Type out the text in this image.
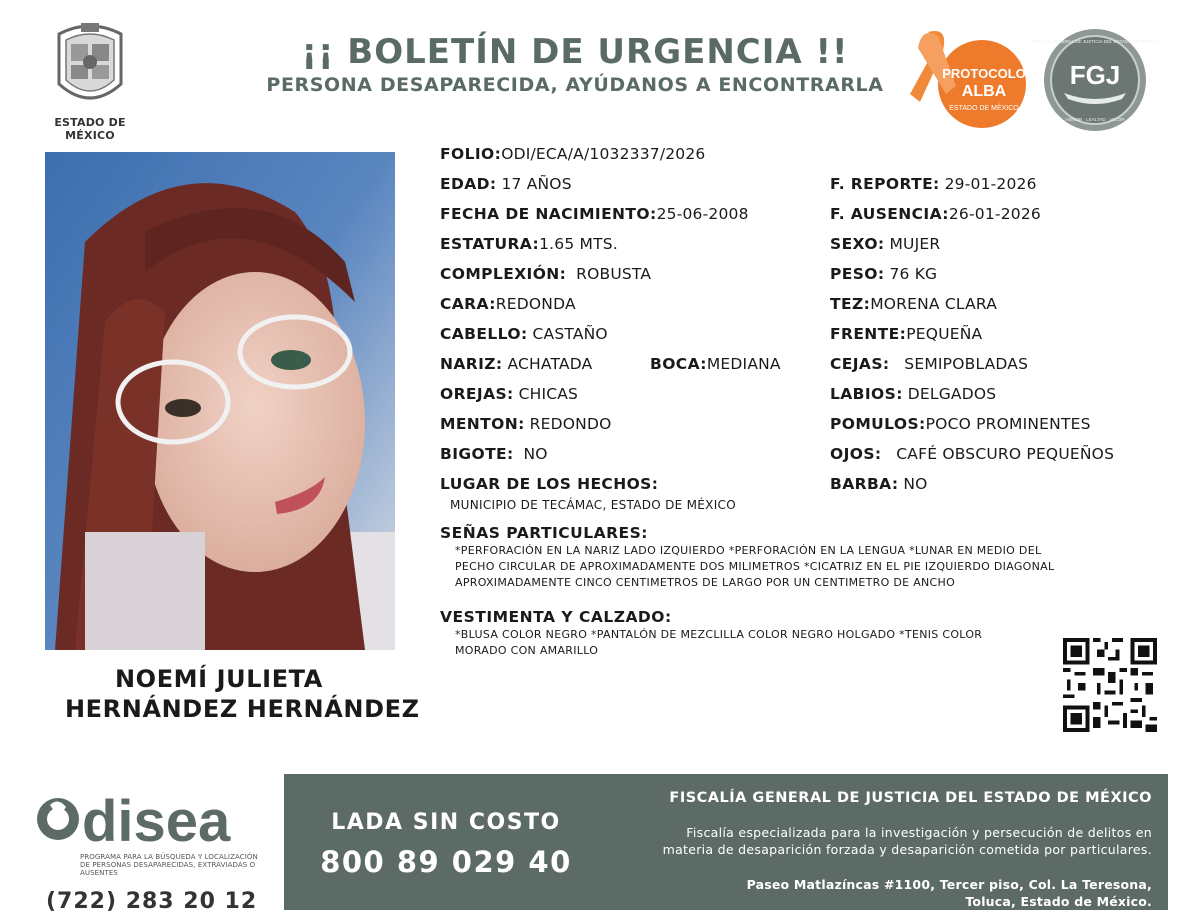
ESTADO DE MÉXICO
¡¡ BOLETÍN DE URGENCIA !!
PERSONA DESAPARECIDA, AYÚDANOS A ENCONTRARLA
PROTOCOLO
ALBA
ESTADO DE MÉXICO
FGJ
FISCALÍA GENERAL DE JUSTICIA DEL ESTADO DE MÉXICO
HONOR · LEALTAD · VALOR
NOEMÍ JULIETA
HERNÁNDEZ HERNÁNDEZ
FOLIO:ODI/ECA/A/1032337/2026
EDAD: 17 AÑOS
FECHA DE NACIMIENTO:25-06-2008
ESTATURA:1.65 MTS.
COMPLEXIÓN: ROBUSTA
CARA:REDONDA
CABELLO: CASTAÑO
NARIZ: ACHATADA	BOCA:MEDIANA
OREJAS: CHICAS
MENTON: REDONDO
BIGOTE: NO
LUGAR DE LOS HECHOS:
MUNICIPIO DE TECÁMAC, ESTADO DE MÉXICO
F. REPORTE: 29-01-2026
F. AUSENCIA:26-01-2026
SEXO: MUJER
PESO: 76 KG
TEZ:MORENA CLARA
FRENTE:PEQUEÑA
CEJAS: SEMIPOBLADAS
LABIOS: DELGADOS
POMULOS:POCO PROMINENTES
OJOS: CAFÉ OBSCURO PEQUEÑOS
BARBA: NO
SEÑAS PARTICULARES:
*PERFORACIÓN EN LA NARIZ LADO IZQUIERDO *PERFORACIÓN EN LA LENGUA *LUNAR EN MEDIO DEL
PECHO CIRCULAR DE APROXIMADAMENTE DOS MILIMETROS *CICATRIZ EN EL PIE IZQUIERDO DIAGONAL
APROXIMADAMENTE CINCO CENTIMETROS DE LARGO POR UN CENTIMETRO DE ANCHO
VESTIMENTA Y CALZADO:
*BLUSA COLOR NEGRO *PANTALÓN DE MEZCLILLA COLOR NEGRO HOLGADO *TENIS COLOR
MORADO CON AMARILLO
disea
PROGRAMA PARA LA BÚSQUEDA Y LOCALIZACIÓN
DE PERSONAS DESAPARECIDAS, EXTRAVIADAS O
AUSENTES
(722) 283 20 12
LADA SIN COSTO
800 89 029 40
FISCALÍA GENERAL DE JUSTICIA DEL ESTADO DE MÉXICO
Fiscalía especializada para la investigación y persecución de delitos en
materia de desaparición forzada y desaparición cometida por particulares.
Paseo Matlazíncas #1100, Tercer piso, Col. La Teresona,
Toluca, Estado de México.
